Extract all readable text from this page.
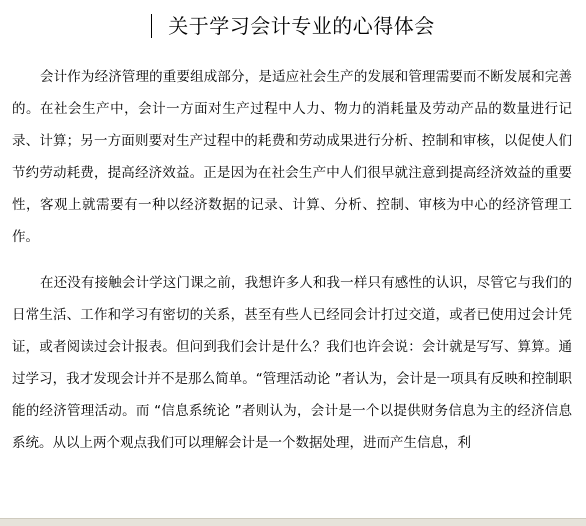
关于学习会计专业的心得体会

会计作为经济管理的重要组成部分，是适应社会生产的发展和管理需要而不断发展和完善的。在社会生产中，会计一方面对生产过程中人力、物力的消耗量及劳动产品的数量进行记录、计算；另一方面则要对生产过程中的耗费和劳动成果进行分析、控制和审核，以促使人们节约劳动耗费，提高经济效益。正是因为在社会生产中人们很早就注意到提高经济效益的重要性，客观上就需要有一种以经济数据的记录、计算、分析、控制、审核为中心的经济管理工作。

在还没有接触会计学这门课之前，我想许多人和我一样只有感性的认识，尽管它与我们的日常生活、工作和学习有密切的关系，甚至有些人已经同会计打过交道，或者已使用过会计凭证，或者阅读过会计报表。但问到我们会计是什么？我们也许会说：会计就是写写、算算。通过学习，我才发现会计并不是那么简单。“管理活动论 ”者认为，会计是一项具有反映和控制职能的经济管理活动。而 “信息系统论 ”者则认为，会计是一个以提供财务信息为主的经济信息系统。从以上两个观点我们可以理解会计是一个数据处理，进而产生信息，利
